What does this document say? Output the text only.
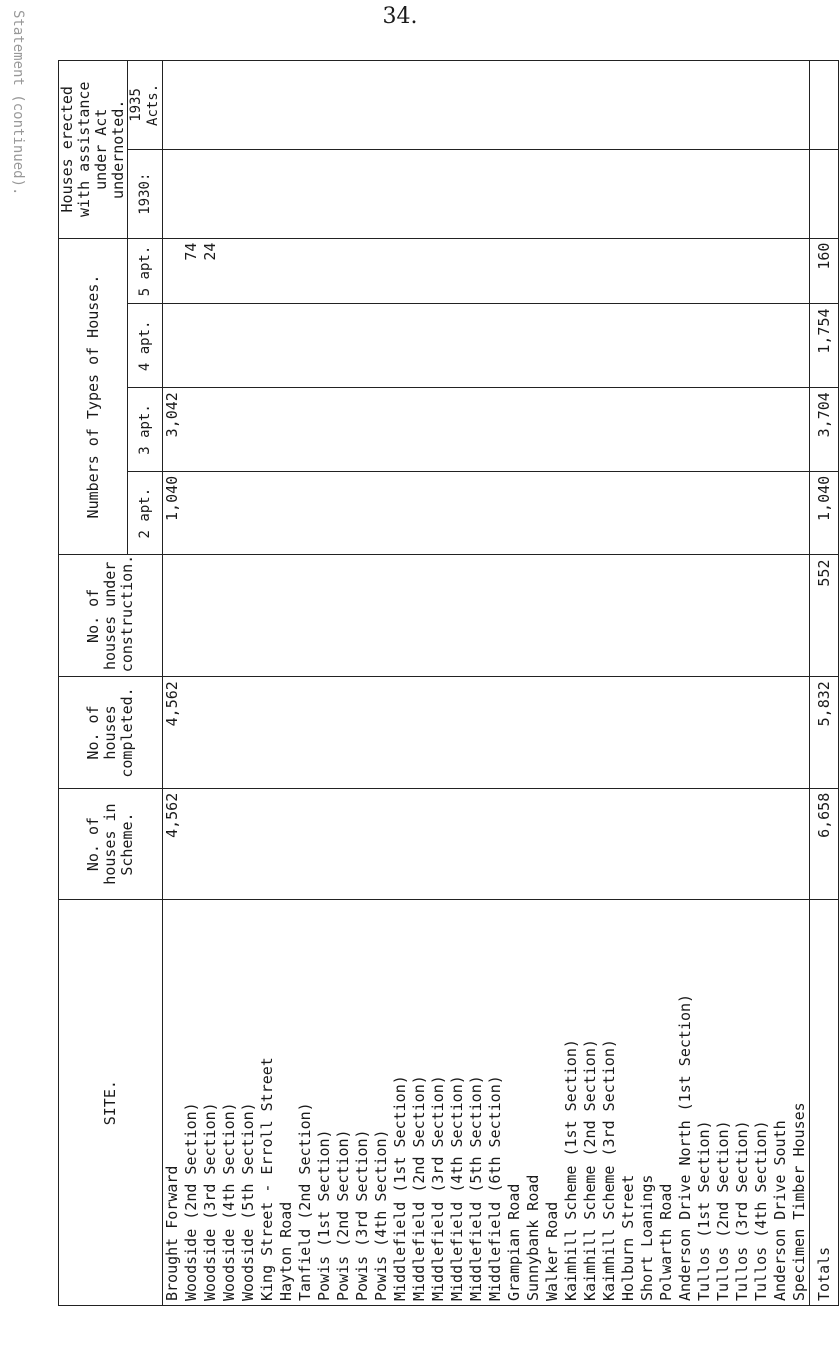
34.
Statement (continued).
SITE.	No. of houses in Scheme.	No. of houses completed.	No. of houses under construction.	Numbers of Types of Houses.				Houses erected with assistance under Act undernoted.	
				2 apt.	3 apt.	4 apt.	5 apt.	1930:	1935 Acts.
Brought Forward	4,562	4,562		1,040	3,042				
Woodside (2nd Section)							74		
Woodside (3rd Section)							24		
Woodside (4th Section)									
Woodside (5th Section)									
King Street - Erroll Street									
Hayton Road									
Tanfield (2nd Section)									
Powis (1st Section)									
Powis (2nd Section)									
Powis (3rd Section)									
Powis (4th Section)									
Middlefield (1st Section)									
Middlefield (2nd Section)									
Middlefield (3rd Section)									
Middlefield (4th Section)									
Middlefield (5th Section)									
Middlefield (6th Section)									
Grampian Road									
Sunnybank Road									
Walker Road									
Kaimhill Scheme (1st Section)									
Kaimhill Scheme (2nd Section)									
Kaimhill Scheme (3rd Section)									
Holburn Street									
Short Loanings									
Polwarth Road									
Anderson Drive North (1st Section)									
Tullos (1st Section)									
Tullos (2nd Section)									
Tullos (3rd Section)									
Tullos (4th Section)									
Anderson Drive South									
Specimen Timber Houses									
Totals	6,658	5,832	552	1,040	3,704	1,754	160		
